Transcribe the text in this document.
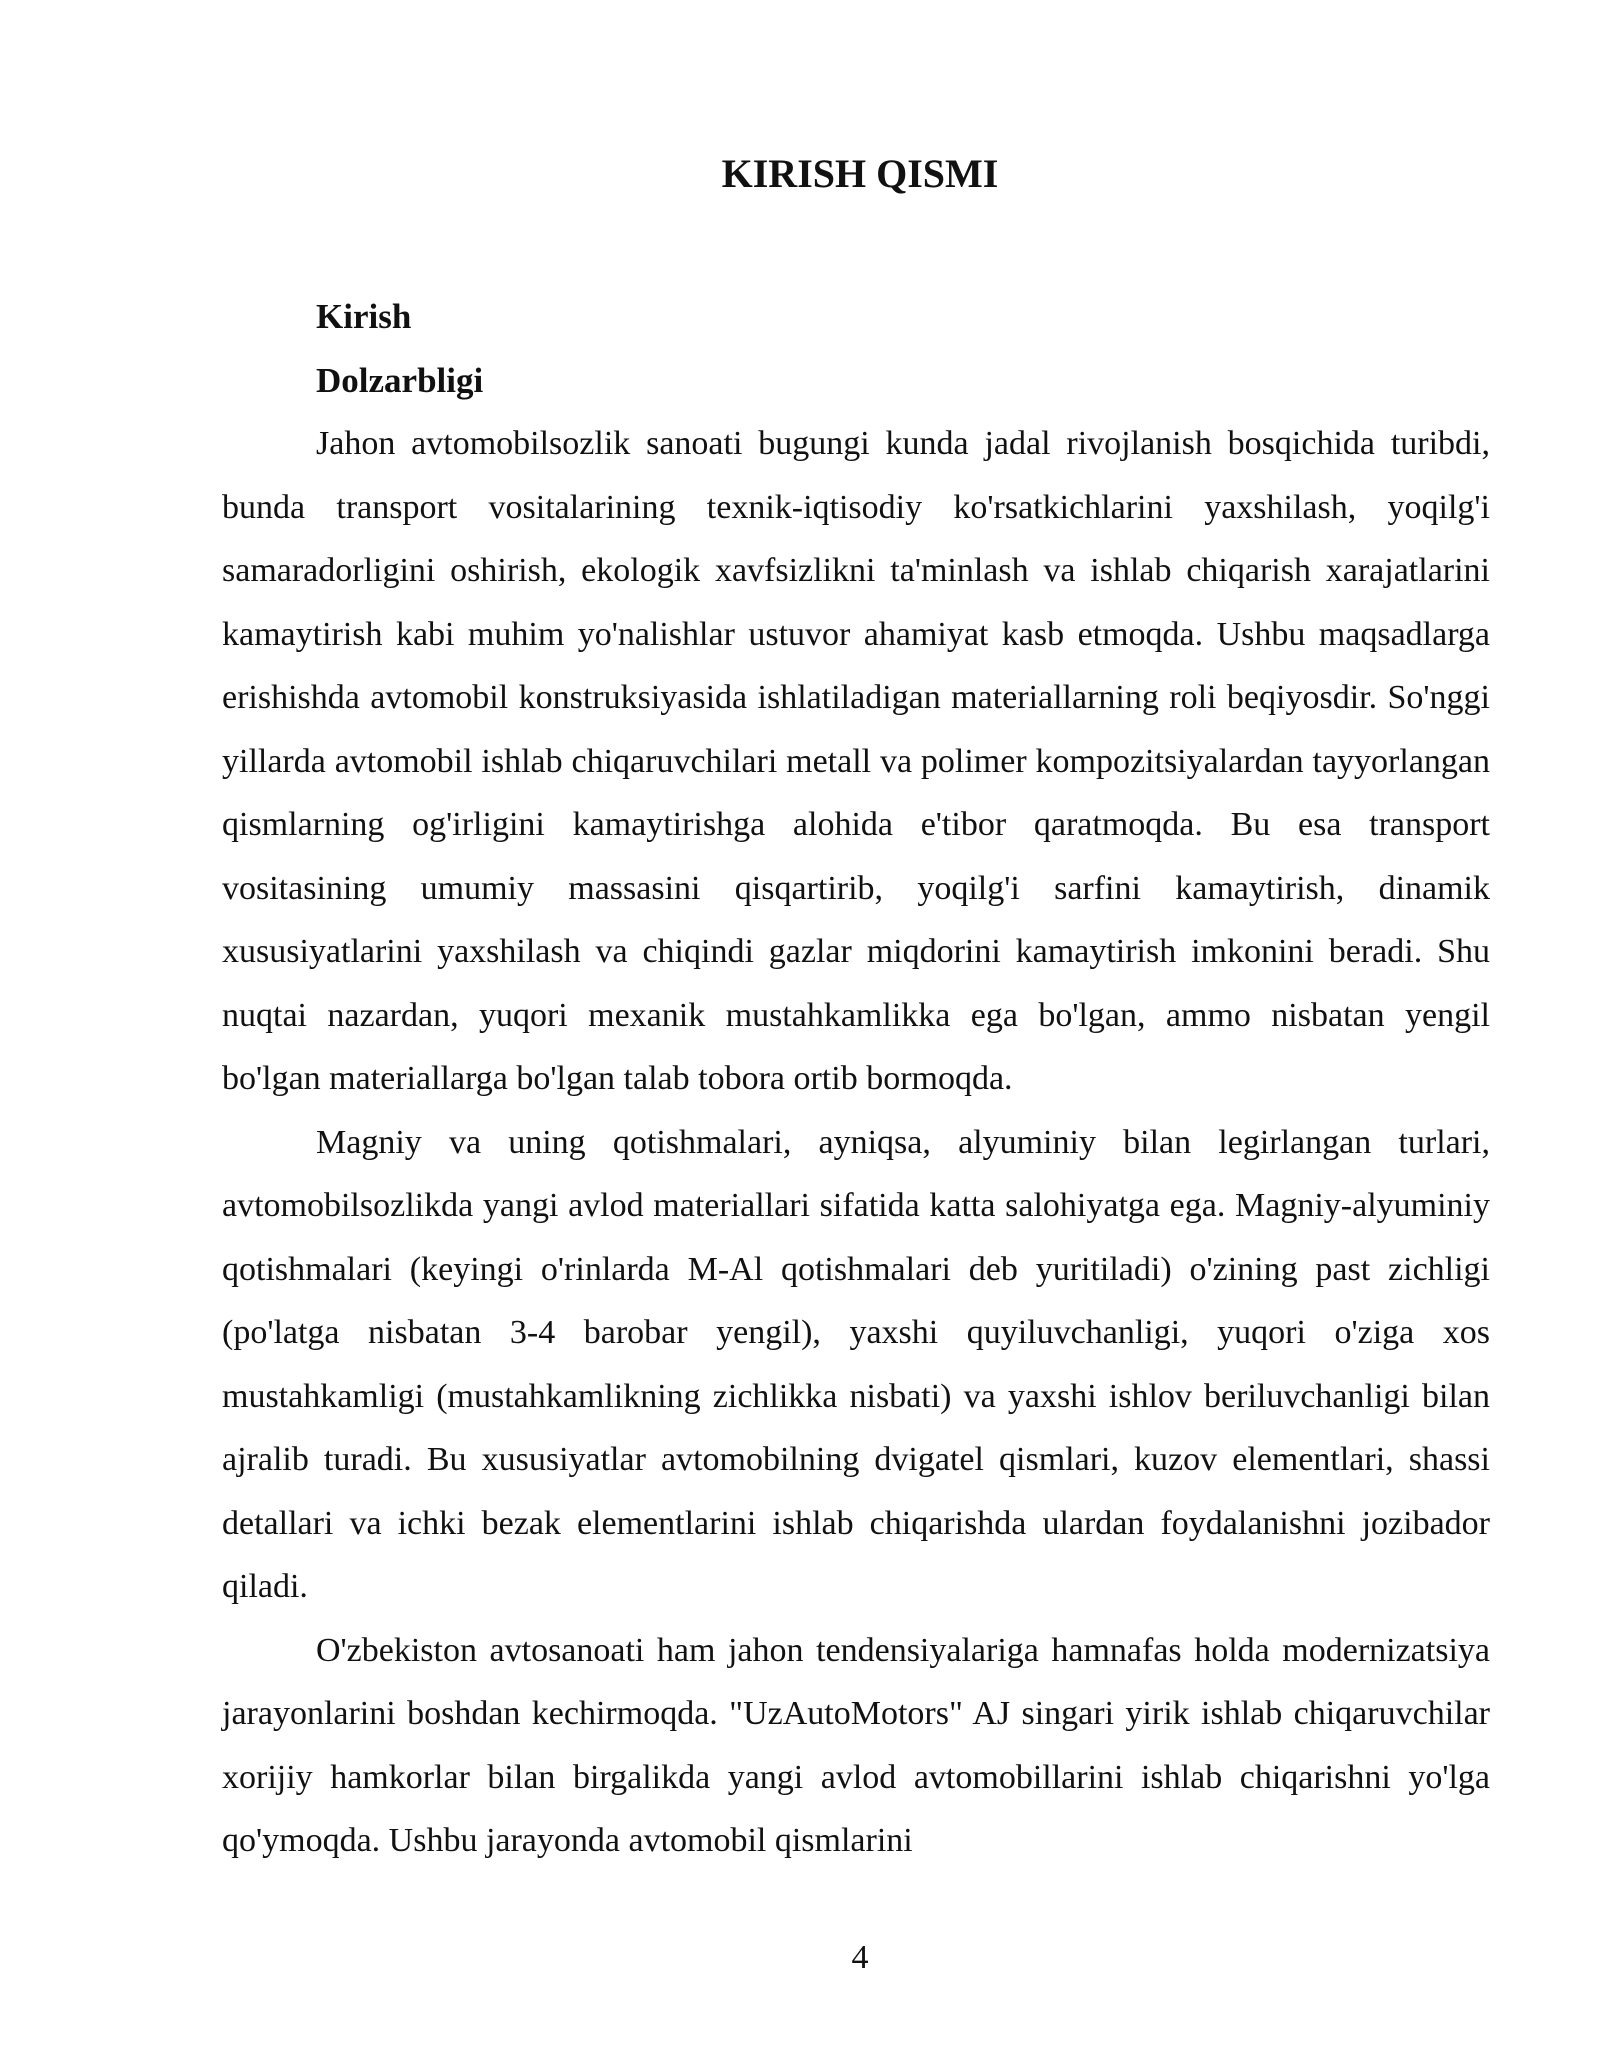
KIRISH QISMI

Kirish

Dolzarbligi

Jahon avtomobilsozlik sanoati bugungi kunda jadal rivojlanish bosqichida turibdi, bunda transport vositalarining texnik-iqtisodiy ko'rsatkichlarini yaxshilash, yoqilg'i samaradorligini oshirish, ekologik xavfsizlikni ta'minlash va ishlab chiqarish xarajatlarini kamaytirish kabi muhim yo'nalishlar ustuvor ahamiyat kasb etmoqda. Ushbu maqsadlarga erishishda avtomobil konstruksiyasida ishlatiladigan materiallarning roli beqiyosdir. So'nggi yillarda avtomobil ishlab chiqaruvchilari metall va polimer kompozitsiyalardan tayyorlangan qismlarning og'irligini kamaytirishga alohida e'tibor qaratmoqda. Bu esa transport vositasining umumiy massasini qisqartirib, yoqilg'i sarfini kamaytirish, dinamik xususiyatlarini yaxshilash va chiqindi gazlar miqdorini kamaytirish imkonini beradi. Shu nuqtai nazardan, yuqori mexanik mustahkamlikka ega bo'lgan, ammo nisbatan yengil bo'lgan materiallarga bo'lgan talab tobora ortib bormoqda.

Magniy va uning qotishmalari, ayniqsa, alyuminiy bilan legirlangan turlari, avtomobilsozlikda yangi avlod materiallari sifatida katta salohiyatga ega. Magniy-alyuminiy qotishmalari (keyingi o'rinlarda M-Al qotishmalari deb yuritiladi) o'zining past zichligi (po'latga nisbatan 3-4 barobar yengil), yaxshi quyiluvchanligi, yuqori o'ziga xos mustahkamligi (mustahkamlikning zichlikka nisbati) va yaxshi ishlov beriluvchanligi bilan ajralib turadi. Bu xususiyatlar avtomobilning dvigatel qismlari, kuzov elementlari, shassi detallari va ichki bezak elementlarini ishlab chiqarishda ulardan foydalanishni jozibador qiladi.

O'zbekiston avtosanoati ham jahon tendensiyalariga hamnafas holda modernizatsiya jarayonlarini boshdan kechirmoqda. "UzAutoMotors" AJ singari yirik ishlab chiqaruvchilar xorijiy hamkorlar bilan birgalikda yangi avlod avtomobillarini ishlab chiqarishni yo'lga qo'ymoqda. Ushbu jarayonda avtomobil qismlarini

4
